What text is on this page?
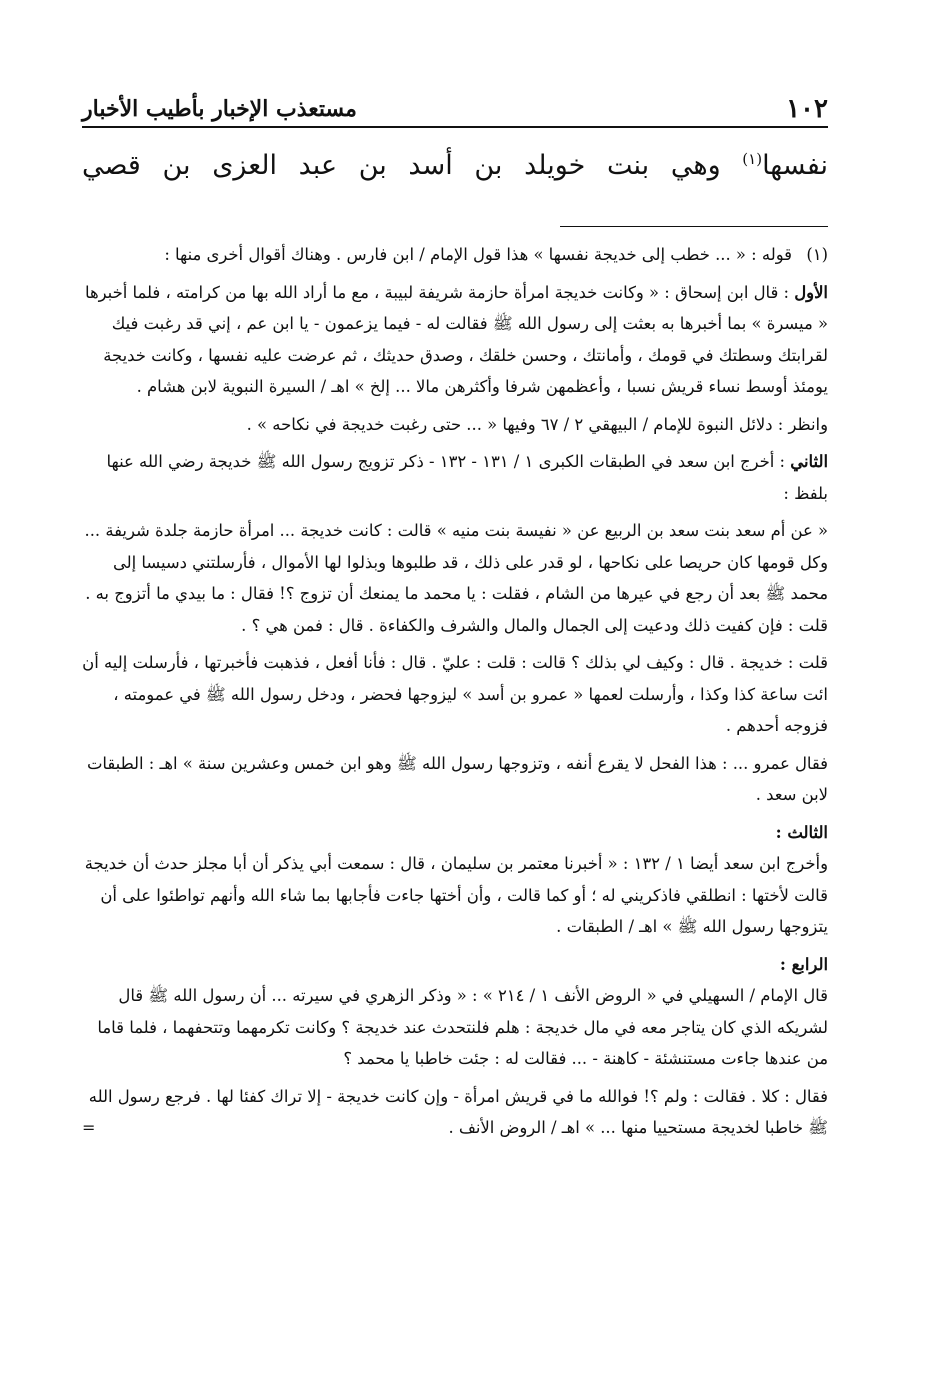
١٠٢
مستعذب الإخبار بأطيب الأخبار
نفسها$^{(١)}$ وهي بنت خويلد بن أسد بن عبد العزى بن قصي
(١)
قوله : « ... خطب إلى خديجة نفسها » هذا قول الإمام / ابن فارس . وهناك أقوال أخرى منها :
الأول : قال ابن إسحاق : « وكانت خديجة امرأة حازمة شريفة لبيبة ، مع ما أراد الله بها من كرامته ، فلما أخبرها « ميسرة » بما أخبرها به بعثت إلى رسول الله ﷺ فقالت له - فيما يزعمون - يا ابن عم ، إني قد رغبت فيك لقرابتك وسطتك في قومك ، وأمانتك ، وحسن خلقك ، وصدق حديثك ، ثم عرضت عليه نفسها ، وكانت خديجة يومئذ أوسط نساء قريش نسبا ، وأعظمهن شرفا وأكثرهن مالا ... إلخ » اهـ / السيرة النبوية لابن هشام .
وانظر : دلائل النبوة للإمام / البيهقي ٢ / ٦٧ وفيها « ... حتى رغبت خديجة في نكاحه » .
الثاني : أخرج ابن سعد في الطبقات الكبرى ١ / ١٣١ - ١٣٢ - ذكر تزويج رسول الله ﷺ خديجة رضي الله عنها بلفظ :
« عن أم سعد بنت سعد بن الربيع عن « نفيسة بنت منيه » قالت : كانت خديجة ... امرأة حازمة جلدة شريفة ... وكل قومها كان حريصا على نكاحها ، لو قدر على ذلك ، قد طلبوها وبذلوا لها الأموال ، فأرسلتني دسيسا إلى محمد ﷺ بعد أن رجع في عيرها من الشام ، فقلت : يا محمد ما يمنعك أن تزوج ؟! فقال : ما بيدي ما أتزوج به . قلت : فإن كفيت ذلك ودعيت إلى الجمال والمال والشرف والكفاءة . قال : فمن هي ؟ .
قلت : خديجة . قال : وكيف لي بذلك ؟ قالت : قلت : عليّ . قال : فأنا أفعل ، فذهبت فأخبرتها ، فأرسلت إليه أن ائت ساعة كذا وكذا ، وأرسلت لعمها « عمرو بن أسد » ليزوجها فحضر ، ودخل رسول الله ﷺ في عمومته ، فزوجه أحدهم .
فقال عمرو ... : هذا الفحل لا يقرع أنفه ، وتزوجها رسول الله ﷺ وهو ابن خمس وعشرين سنة » اهـ : الطبقات لابن سعد .
الثالث :
وأخرج ابن سعد أيضا ١ / ١٣٢ : « أخبرنا معتمر بن سليمان ، قال : سمعت أبي يذكر أن أبا مجلز حدث أن خديجة قالت لأختها : انطلقي فاذكريني له ؛ أو كما قالت ، وأن أختها جاءت فأجابها بما شاء الله وأنهم تواطئوا على أن يتزوجها رسول الله ﷺ » اهـ / الطبقات .
الرابع :
قال الإمام / السهيلي في « الروض الأنف ١ / ٢١٤ » : « وذكر الزهري في سيرته ... أن رسول الله ﷺ قال لشريكه الذي كان يتاجر معه في مال خديجة : هلم فلنتحدث عند خديجة ؟ وكانت تكرمهما وتتحفهما ، فلما قاما من عندها جاءت مستنشئة - كاهنة - ... فقالت له : جئت خاطبا يا محمد ؟
فقال : كلا . فقالت : ولم ؟! فوالله ما في قريش امرأة - وإن كانت خديجة - إلا تراك كفئا لها . فرجع رسول الله ﷺ خاطبا لخديجة مستحييا منها ... » اهـ / الروض الأنف .
=
